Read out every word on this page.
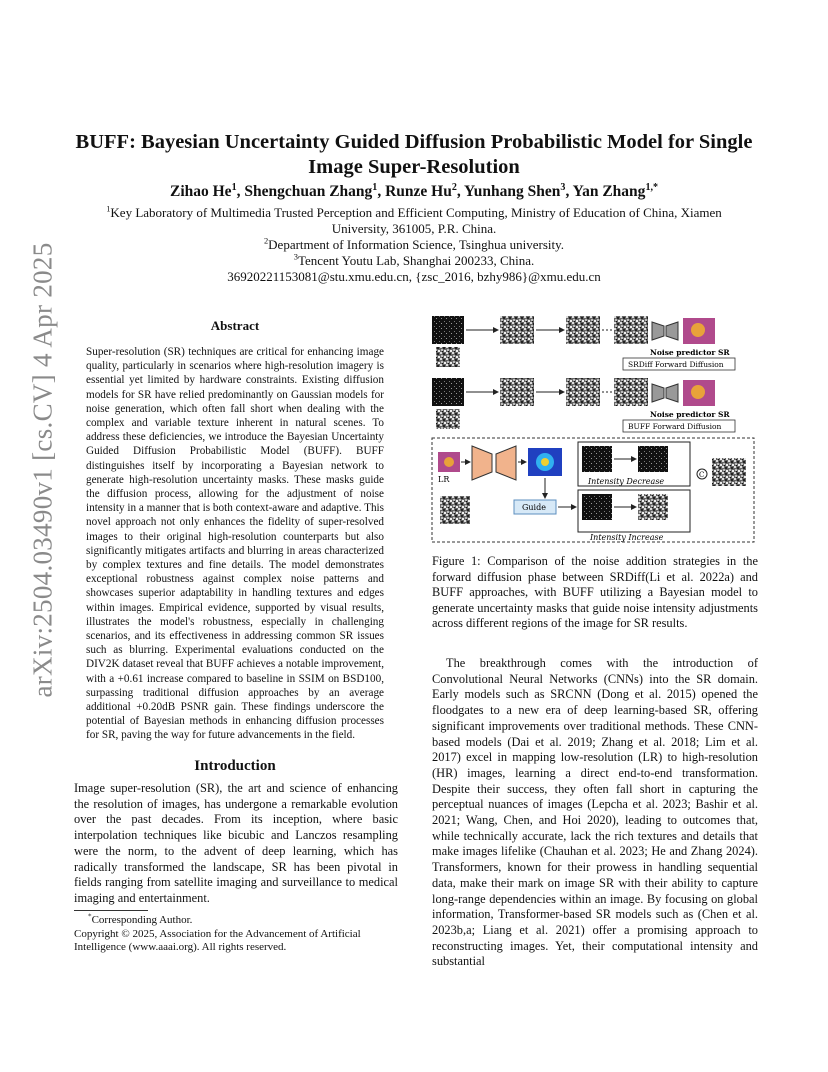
arXiv:2504.03490v1 [cs.CV] 4 Apr 2025
BUFF: Bayesian Uncertainty Guided Diffusion Probabilistic Model for Single Image Super-Resolution
Zihao He$^1$, Shengchuan Zhang$^1$, Runze Hu$^2$, Yunhang Shen$^3$, Yan Zhang$^{1,*}$

$^1$Key Laboratory of Multimedia Trusted Perception and Efficient Computing, Ministry of Education of China, Xiamen University, 361005, P.R. China.

$^2$Department of Information Science, Tsinghua university.

$^3$Tencent Youtu Lab, Shanghai 200233, China.

36920221153081@stu.xmu.edu.cn, {zsc_2016, bzhy986}@xmu.edu.cn

Abstract

Super-resolution (SR) techniques are critical for enhancing image quality, particularly in scenarios where high-resolution imagery is essential yet limited by hardware constraints. Existing diffusion models for SR have relied predominantly on Gaussian models for noise generation, which often fall short when dealing with the complex and variable texture inherent in natural scenes. To address these deficiencies, we introduce the Bayesian Uncertainty Guided Diffusion Probabilistic Model (BUFF). BUFF distinguishes itself by incorporating a Bayesian network to generate high-resolution uncertainty masks. These masks guide the diffusion process, allowing for the adjustment of noise intensity in a manner that is both context-aware and adaptive. This novel approach not only enhances the fidelity of super-resolved images to their original high-resolution counterparts but also significantly mitigates artifacts and blurring in areas characterized by complex textures and fine details. The model demonstrates exceptional robustness against complex noise patterns and showcases superior adaptability in handling textures and edges within images. Empirical evidence, supported by visual results, illustrates the model's robustness, especially in challenging scenarios, and its effectiveness in addressing common SR issues such as blurring. Experimental evaluations conducted on the DIV2K dataset reveal that BUFF achieves a notable improvement, with a +0.61 increase compared to baseline in SSIM on BSD100, surpassing traditional diffusion approaches by an average additional +0.20dB PSNR gain. These findings underscore the potential of Bayesian methods in enhancing diffusion processes for SR, paving the way for future advancements in the field.

Introduction

Image super-resolution (SR), the art and science of enhancing the resolution of images, has undergone a remarkable evolution over the past decades. From its inception, where basic interpolation techniques like bicubic and Lanczos resampling were the norm, to the advent of deep learning, which has radically transformed the landscape, SR has been pivotal in fields ranging from satellite imaging and surveillance to medical imaging and entertainment.

*Corresponding Author.
Copyright © 2025, Association for the Advancement of Artificial Intelligence (www.aaai.org). All rights reserved.
Noise predictor SR
SRDiff Forward Diffusion
Noise predictor SR
BUFF Forward Diffusion
LR	Intensity Decrease
C
Guide
Intensity Increase
Figure 1: Comparison of the noise addition strategies in the forward diffusion phase between SRDiff(Li et al. 2022a) and BUFF approaches, with BUFF utilizing a Bayesian model to generate uncertainty masks that guide noise intensity adjustments across different regions of the image for SR results.

The breakthrough comes with the introduction of Convolutional Neural Networks (CNNs) into the SR domain. Early models such as SRCNN (Dong et al. 2015) opened the floodgates to a new era of deep learning-based SR, offering significant improvements over traditional methods. These CNN-based models (Dai et al. 2019; Zhang et al. 2018; Lim et al. 2017) excel in mapping low-resolution (LR) to high-resolution (HR) images, learning a direct end-to-end transformation. Despite their success, they often fall short in capturing the perceptual nuances of images (Lepcha et al. 2023; Bashir et al. 2021; Wang, Chen, and Hoi 2020), leading to outcomes that, while technically accurate, lack the rich textures and details that make images lifelike (Chauhan et al. 2023; He and Zhang 2024). Transformers, known for their prowess in handling sequential data, make their mark on image SR with their ability to capture long-range dependencies within an image. By focusing on global information, Transformer-based SR models such as (Chen et al. 2023b,a; Liang et al. 2021) offer a promising approach to reconstructing images. Yet, their computational intensity and substantial
